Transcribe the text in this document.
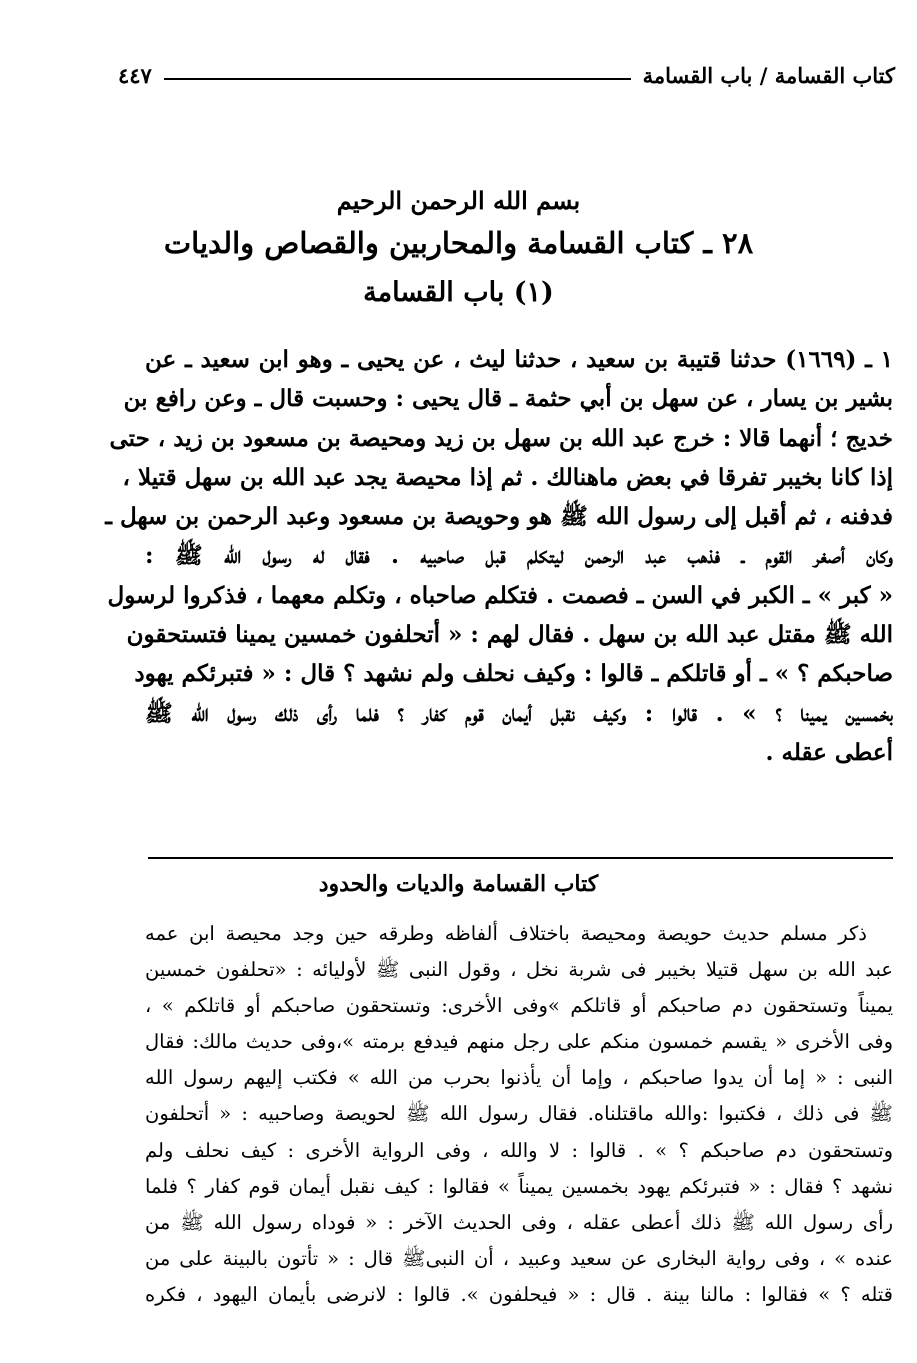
كتاب القسامة / باب القسامة
٤٤٧
بسم الله الرحمن الرحيم
٢٨ ـ كتاب القسامة والمحاربين والقصاص والديات
(١) باب القسامة
١ ـ (١٦٦٩) حدثنا قتيبة بن سعيد ، حدثنا ليث ، عن يحيى ـ وهو ابن سعيد ـ عن
بشير بن يسار ، عن سهل بن أبي حثمة ـ قال يحيى : وحسبت قال ـ وعن رافع بن
خديج ؛ أنهما قالا : خرج عبد الله بن سهل بن زيد ومحيصة بن مسعود بن زيد ، حتى
إذا كانا بخيبر تفرقا في بعض ماهنالك . ثم إذا محيصة يجد عبد الله بن سهل قتيلا ،
فدفنه ، ثم أقبل إلى رسول الله ﷺ هو وحويصة بن مسعود وعبد الرحمن بن سهل ـ
وكان أصغر القوم ـ فذهب عبد الرحمن ليتكلم قبل صاحبيه . فقال له رسول الله ﷺ :
« كبر » ـ الكبر في السن ـ فصمت . فتكلم صاحباه ، وتكلم معهما ، فذكروا لرسول
الله ﷺ مقتل عبد الله بن سهل . فقال لهم : « أتحلفون خمسين يمينا فتستحقون
صاحبكم ؟ » ـ أو قاتلكم ـ قالوا : وكيف نحلف ولم نشهد ؟ قال : « فتبرئكم يهود
بخمسين يمينا ؟ » . قالوا : وكيف نقبل أيمان قوم كفار ؟ فلما رأى ذلك رسول الله ﷺ
أعطى عقله .
كتاب القسامة والديات والحدود
ذكر مسلم حديث حويصة ومحيصة باختلاف ألفاظه وطرقه حين وجد محيصة ابن عمه
عبد الله بن سهل قتيلا بخيبر فى شربة نخل ، وقول النبى ﷺ لأوليائه : «تحلفون خمسين
يميناً وتستحقون دم صاحبكم أو قاتلكم »وفى الأخرى: وتستحقون صاحبكم أو قاتلكم » ،
وفى الأخرى « يقسم خمسون منكم على رجل منهم فيدفع برمته »،وفى حديث مالك: فقال
النبى : « إما أن يدوا صاحبكم ، وإما أن يأذنوا بحرب من الله » فكتب إليهم رسول الله
ﷺ فى ذلك ، فكتبوا :والله ماقتلناه. فقال رسول الله ﷺ لحويصة وصاحبيه : « أتحلفون
وتستحقون دم صاحبكم ؟ » . قالوا : لا والله ، وفى الرواية الأخرى : كيف نحلف ولم
نشهد ؟ فقال : « فتبرئكم يهود بخمسين يميناً » فقالوا : كيف نقبل أيمان قوم كفار ؟ فلما
رأى رسول الله ﷺ ذلك أعطى عقله ، وفى الحديث الآخر : « فوداه رسول الله ﷺ من
عنده » ، وفى رواية البخارى عن سعيد وعبيد ، أن النبىﷺ قال : « تأتون بالبينة على من
قتله ؟ » فقالوا : مالنا بينة . قال : « فيحلفون ». قالوا : لانرضى بأيمان اليهود ، فكره
